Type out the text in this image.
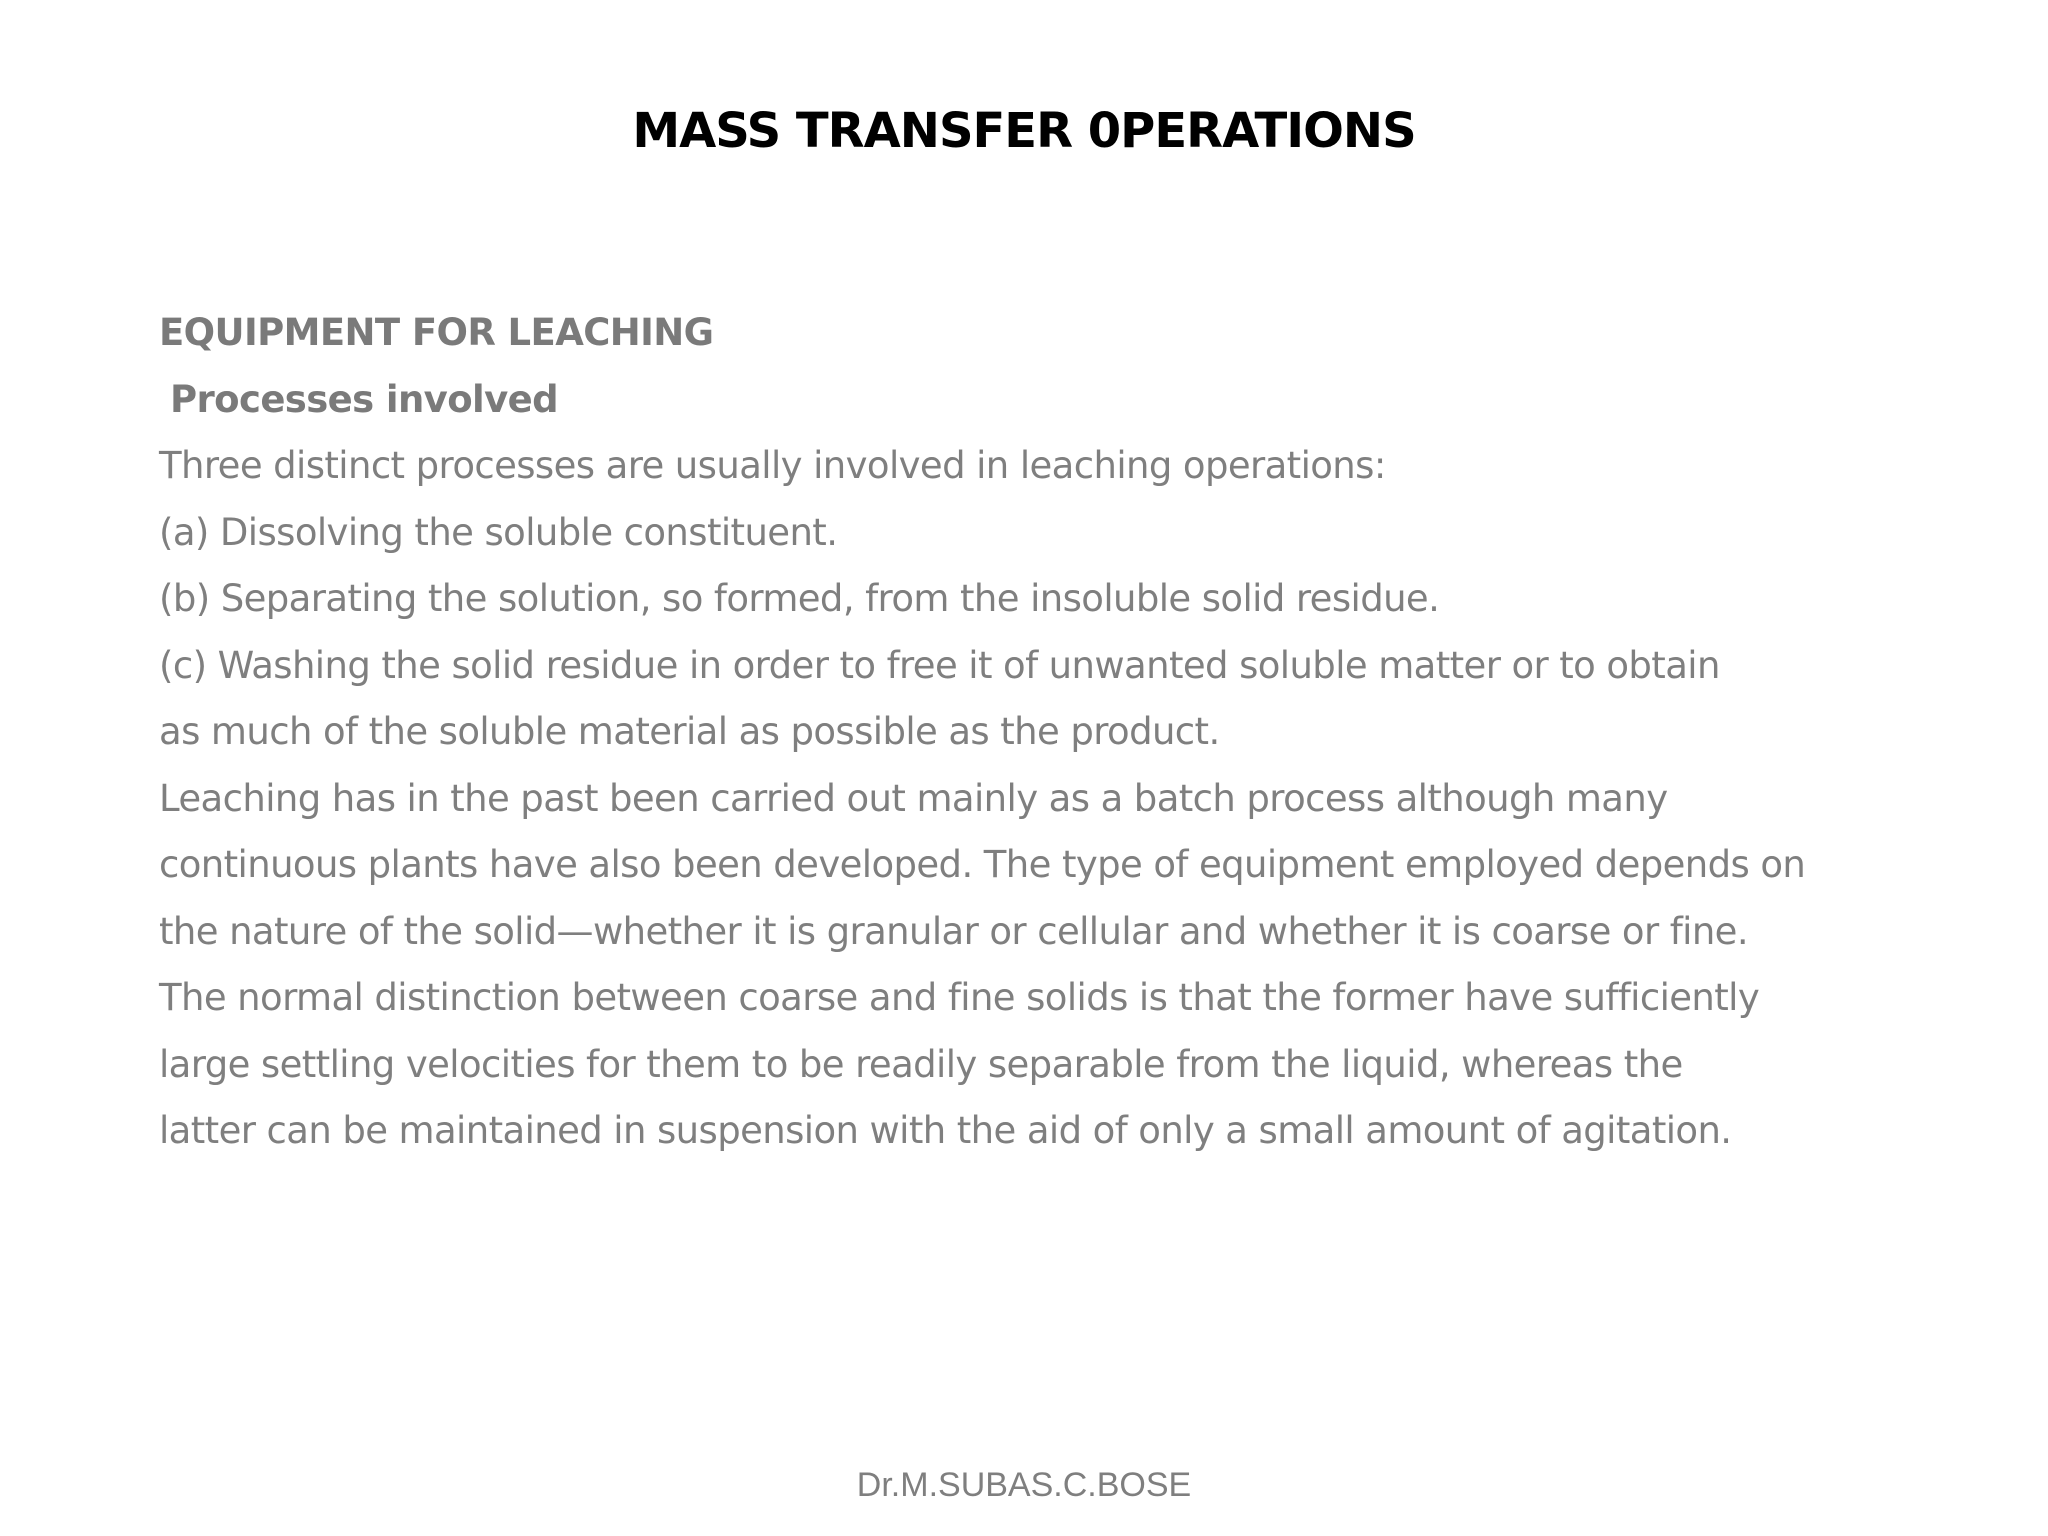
MASS TRANSFER 0PERATIONS
EQUIPMENT FOR LEACHING
Processes involved
Three distinct processes are usually involved in leaching operations:
(a) Dissolving the soluble constituent.
(b) Separating the solution, so formed, from the insoluble solid residue.
(c) Washing the solid residue in order to free it of unwanted soluble matter or to obtain
as much of the soluble material as possible as the product.
Leaching has in the past been carried out mainly as a batch process although many
continuous plants have also been developed. The type of equipment employed depends on
the nature of the solid—whether it is granular or cellular and whether it is coarse or fine.
The normal distinction between coarse and fine solids is that the former have sufficiently
large settling velocities for them to be readily separable from the liquid, whereas the
latter can be maintained in suspension with the aid of only a small amount of agitation.
Dr.M.SUBAS.C.BOSE
